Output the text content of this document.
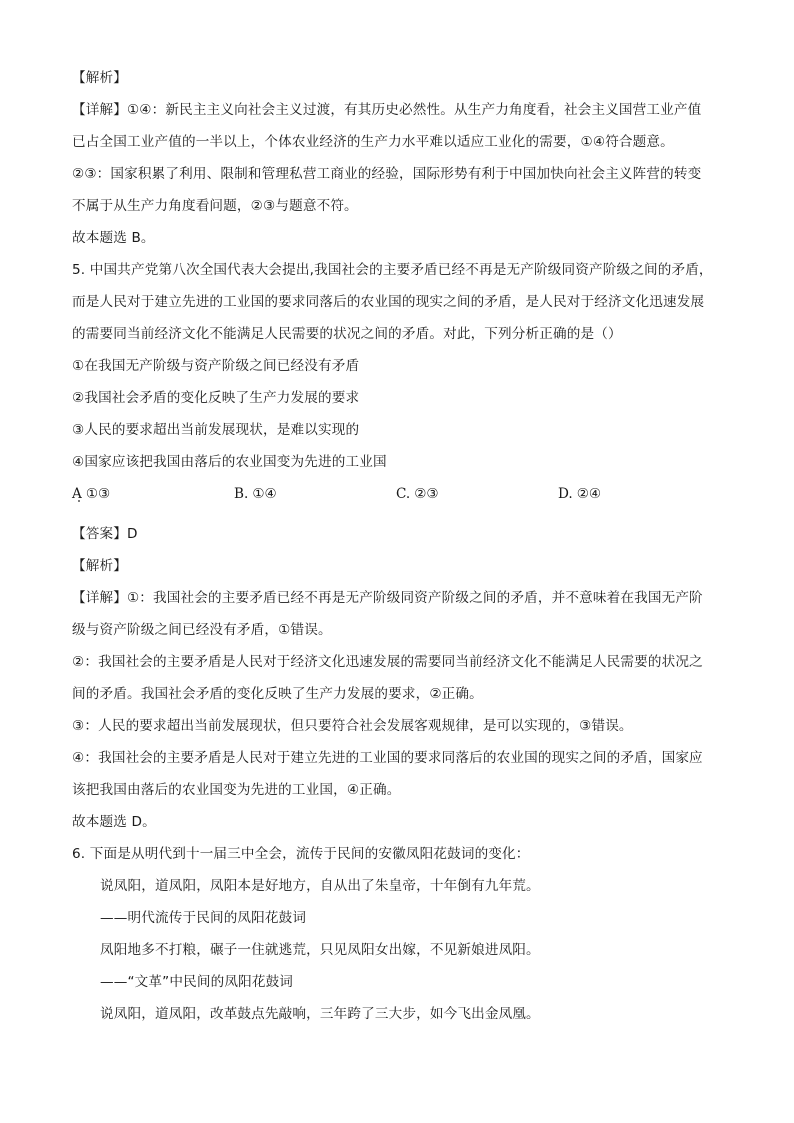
【解析】
【详解】①④：新民主主义向社会主义过渡，有其历史必然性。从生产力角度看，社会主义国营工业产值
已占全国工业产值的一半以上，个体农业经济的生产力水平难以适应工业化的需要，①④符合题意。
②③：国家积累了利用、限制和管理私营工商业的经验，国际形势有利于中国加快向社会主义阵营的转变
不属于从生产力角度看问题，②③与题意不符。
故本题选 B。
5. 中国共产党第八次全国代表大会提出,我国社会的主要矛盾已经不再是无产阶级同资产阶级之间的矛盾，
而是人民对于建立先进的工业国的要求同落后的农业国的现实之间的矛盾，是人民对于经济文化迅速发展
的需要同当前经济文化不能满足人民需要的状况之间的矛盾。对此，下列分析正确的是（）
①在我国无产阶级与资产阶级之间已经没有矛盾
②我国社会矛盾的变化反映了生产力发展的要求
③人民的要求超出当前发展现状，是难以实现的
④国家应该把我国由落后的农业国变为先进的工业国
A ①③	B. ①④	C. ②③	D. ②④
【答案】D
【解析】
【详解】①：我国社会的主要矛盾已经不再是无产阶级同资产阶级之间的矛盾，并不意味着在我国无产阶
级与资产阶级之间已经没有矛盾，①错误。
②：我国社会的主要矛盾是人民对于经济文化迅速发展的需要同当前经济文化不能满足人民需要的状况之
间的矛盾。我国社会矛盾的变化反映了生产力发展的要求，②正确。
③：人民的要求超出当前发展现状，但只要符合社会发展客观规律，是可以实现的，③错误。
④：我国社会的主要矛盾是人民对于建立先进的工业国的要求同落后的农业国的现实之间的矛盾，国家应
该把我国由落后的农业国变为先进的工业国，④正确。
故本题选 D。
6. 下面是从明代到十一届三中全会，流传于民间的安徽凤阳花鼓词的变化：
说凤阳，道凤阳，凤阳本是好地方，自从出了朱皇帝，十年倒有九年荒。
——明代流传于民间的凤阳花鼓词
凤阳地多不打粮，碾子一住就逃荒，只见凤阳女出嫁，不见新娘进凤阳。
——“文革”中民间的凤阳花鼓词
说凤阳，道凤阳，改革鼓点先敲响，三年跨了三大步，如今飞出金凤凰。
